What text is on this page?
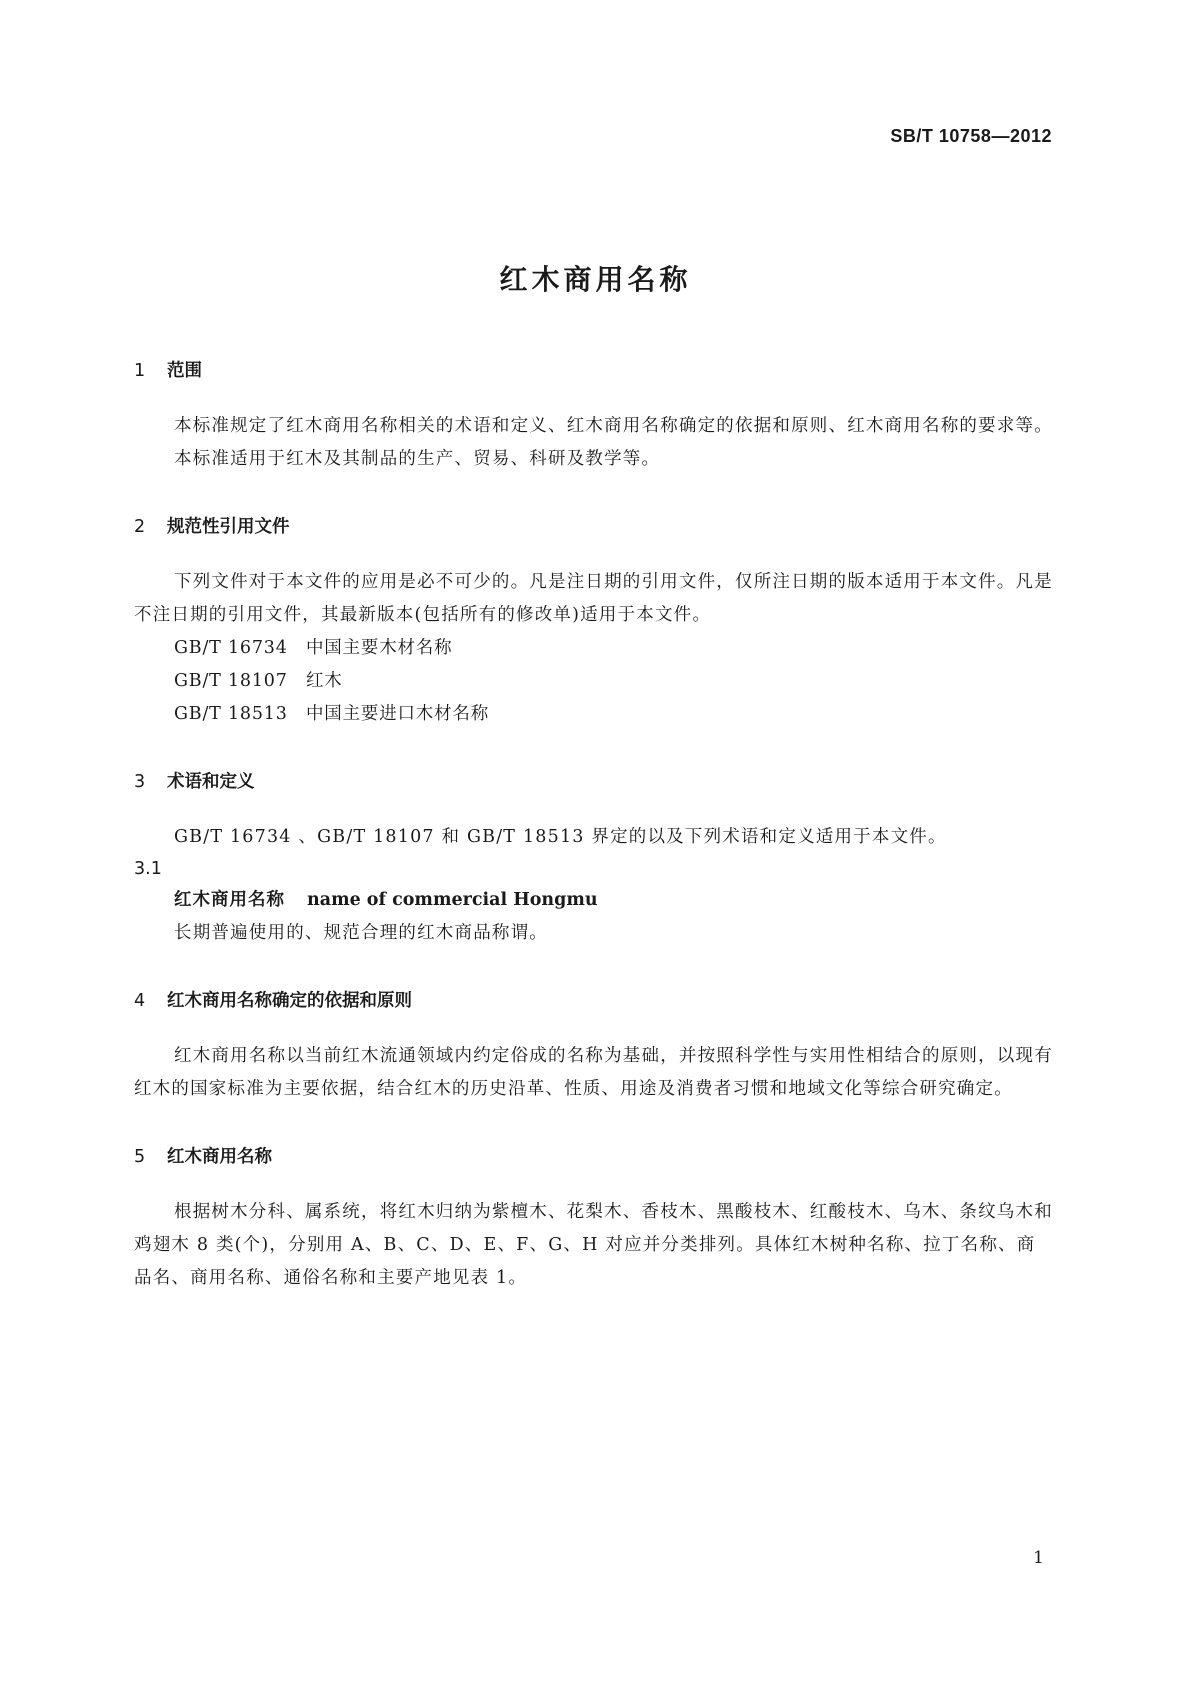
SB/T 10758—2012
红木商用名称
1	范围

本标准规定了红木商用名称相关的术语和定义、红木商用名称确定的依据和原则、红木商用名称的要求等。

本标准适用于红木及其制品的生产、贸易、科研及教学等。

2	规范性引用文件

下列文件对于本文件的应用是必不可少的。凡是注日期的引用文件，仅所注日期的版本适用于本文件。凡是不注日期的引用文件，其最新版本(包括所有的修改单)适用于本文件。

GB/T 16734	中国主要木材名称
GB/T 18107	红木
GB/T 18513	中国主要进口木材名称
3	术语和定义

GB/T 16734 、GB/T 18107 和 GB/T 18513 界定的以及下列术语和定义适用于本文件。

3.1
红木商用名称 name of commercial Hongmu

长期普遍使用的、规范合理的红木商品称谓。

4	红木商用名称确定的依据和原则

红木商用名称以当前红木流通领域内约定俗成的名称为基础，并按照科学性与实用性相结合的原则，以现有红木的国家标准为主要依据，结合红木的历史沿革、性质、用途及消费者习惯和地域文化等综合研究确定。

5	红木商用名称

根据树木分科、属系统，将红木归纳为紫檀木、花梨木、香枝木、黑酸枝木、红酸枝木、乌木、条纹乌木和鸡翅木 8 类(个)，分别用 A、B、C、D、E、F、G、H 对应并分类排列。具体红木树种名称、拉丁名称、商品名、商用名称、通俗名称和主要产地见表 1。

1
